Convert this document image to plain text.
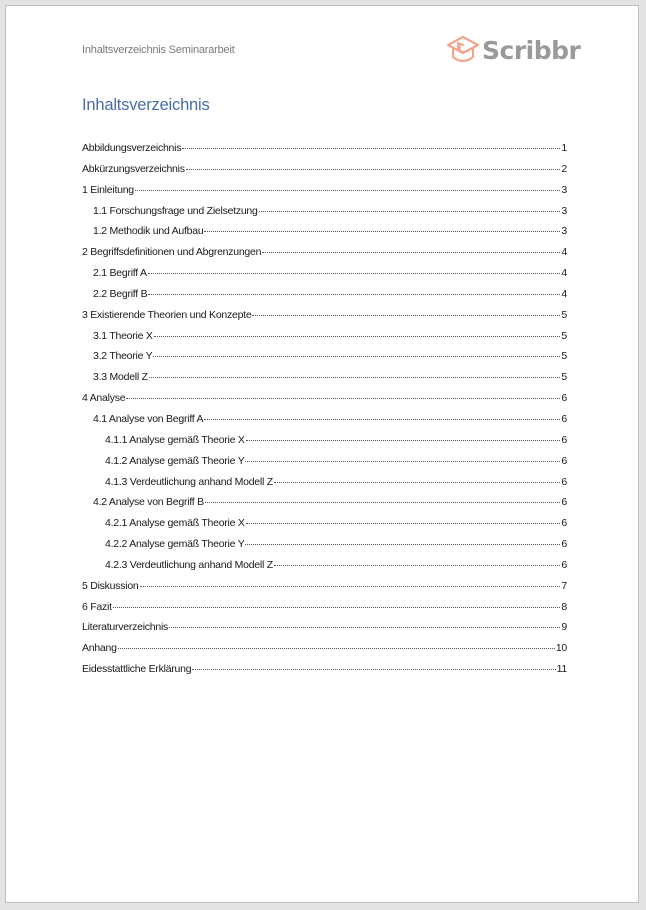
Inhaltsverzeichnis Seminararbeit	Scribbr
Inhaltsverzeichnis
Abbildungsverzeichnis	1
Abkürzungsverzeichnis	2
1 Einleitung	3
1.1 Forschungsfrage und Zielsetzung	3
1.2 Methodik und Aufbau	3
2 Begriffsdefinitionen und Abgrenzungen	4
2.1 Begriff A	4
2.2 Begriff B	4
3 Existierende Theorien und Konzepte	5
3.1 Theorie X	5
3.2 Theorie Y	5
3.3 Modell Z	5
4 Analyse	6
4.1 Analyse von Begriff A	6
4.1.1 Analyse gemäß Theorie X	6
4.1.2 Analyse gemäß Theorie Y	6
4.1.3 Verdeutlichung anhand Modell Z	6
4.2 Analyse von Begriff B	6
4.2.1 Analyse gemäß Theorie X	6
4.2.2 Analyse gemäß Theorie Y	6
4.2.3 Verdeutlichung anhand Modell Z	6
5 Diskussion	7
6 Fazit	8
Literaturverzeichnis	9
Anhang	10
Eidesstattliche Erklärung	11
